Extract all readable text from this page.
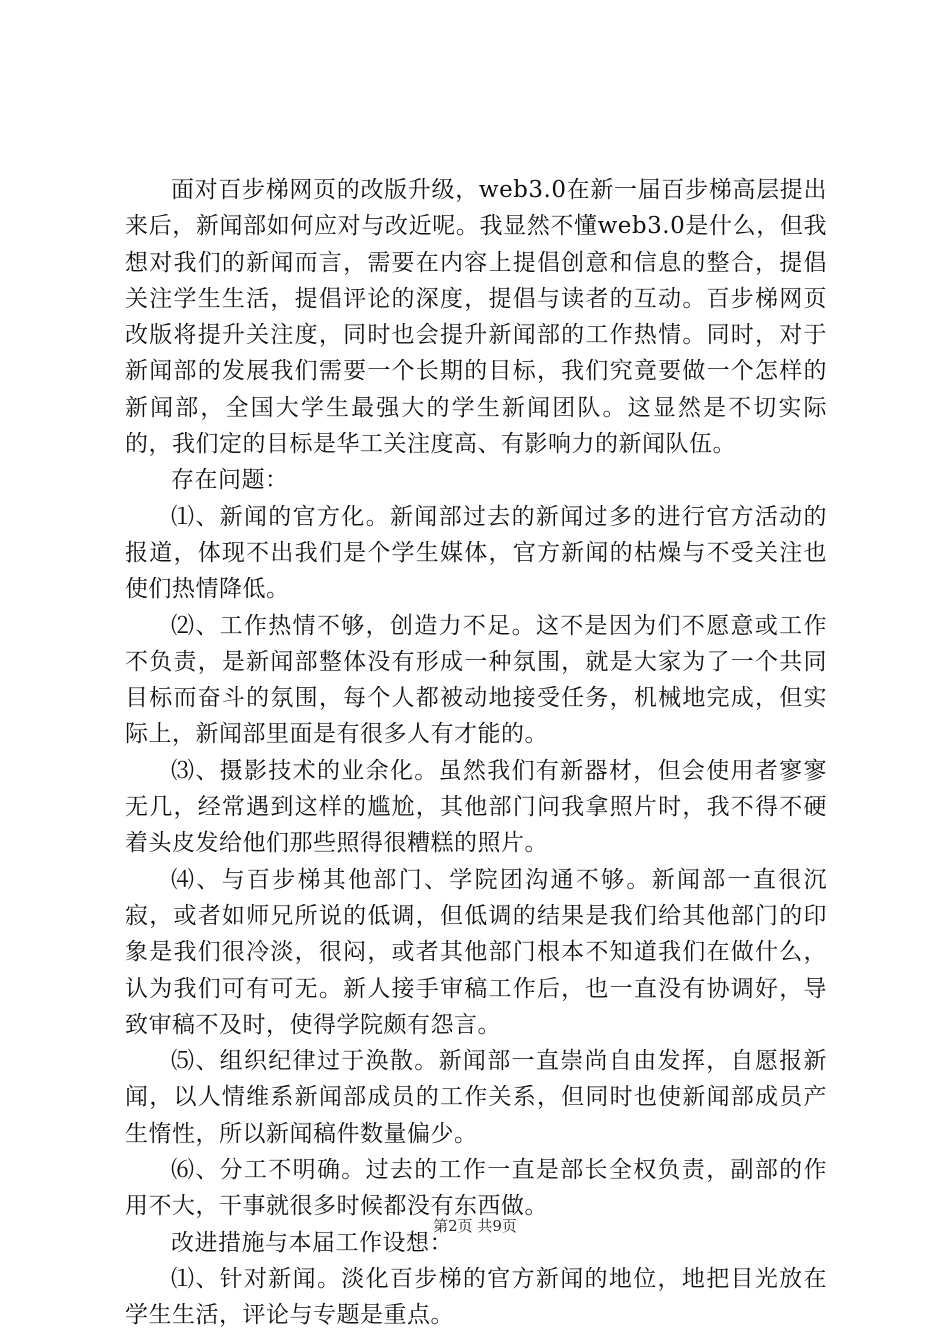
面对百步梯网页的改版升级，web3.0在新一届百步梯高层提出来后，新闻部如何应对与改近呢。我显然不懂web3.0是什么，但我想对我们的新闻而言，需要在内容上提倡创意和信息的整合，提倡关注学生生活，提倡评论的深度，提倡与读者的互动。百步梯网页改版将提升关注度，同时也会提升新闻部的工作热情。同时，对于新闻部的发展我们需要一个长期的目标，我们究竟要做一个怎样的新闻部，全国大学生最强大的学生新闻团队。这显然是不切实际的，我们定的目标是华工关注度高、有影响力的新闻队伍。

存在问题：

⑴、新闻的官方化。新闻部过去的新闻过多的进行官方活动的报道，体现不出我们是个学生媒体，官方新闻的枯燥与不受关注也使们热情降低。

⑵、工作热情不够，创造力不足。这不是因为们不愿意或工作不负责，是新闻部整体没有形成一种氛围，就是大家为了一个共同目标而奋斗的氛围，每个人都被动地接受任务，机械地完成，但实际上，新闻部里面是有很多人有才能的。

⑶、摄影技术的业余化。虽然我们有新器材，但会使用者寥寥无几，经常遇到这样的尴尬，其他部门问我拿照片时，我不得不硬着头皮发给他们那些照得很糟糕的照片。

⑷、与百步梯其他部门、学院团沟通不够。新闻部一直很沉寂，或者如师兄所说的低调，但低调的结果是我们给其他部门的印象是我们很冷淡，很闷，或者其他部门根本不知道我们在做什么，认为我们可有可无。新人接手审稿工作后，也一直没有协调好，导致审稿不及时，使得学院颇有怨言。

⑸、组织纪律过于涣散。新闻部一直崇尚自由发挥，自愿报新闻，以人情维系新闻部成员的工作关系，但同时也使新闻部成员产生惰性，所以新闻稿件数量偏少。

⑹、分工不明确。过去的工作一直是部长全权负责，副部的作用不大，干事就很多时候都没有东西做。

改进措施与本届工作设想：

⑴、针对新闻。淡化百步梯的官方新闻的地位，地把目光放在学生生活，评论与专题是重点。

第2页 共9页
